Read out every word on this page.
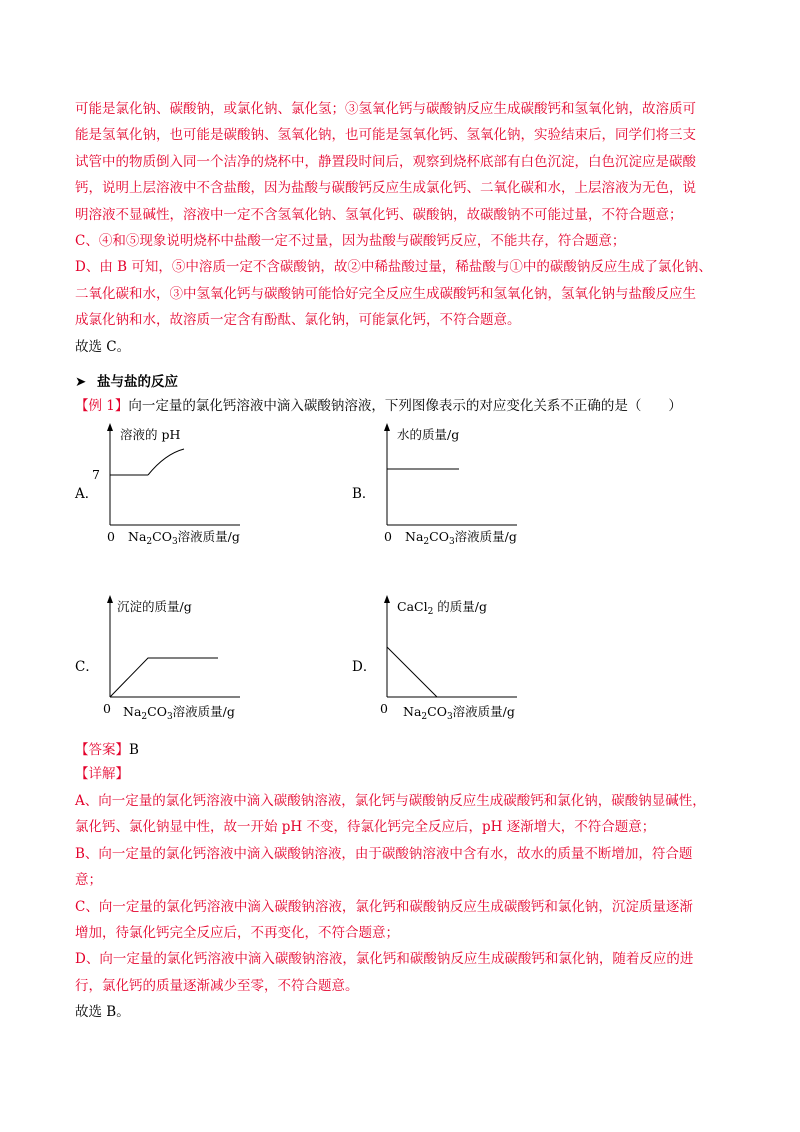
可能是氯化钠、碳酸钠，或氯化钠、氯化氢；③氢氧化钙与碳酸钠反应生成碳酸钙和氢氧化钠，故溶质可
能是氢氧化钠，也可能是碳酸钠、氢氧化钠，也可能是氢氧化钙、氢氧化钠，实验结束后，同学们将三支
试管中的物质倒入同一个洁净的烧杯中，静置段时间后，观察到烧杯底部有白色沉淀，白色沉淀应是碳酸
钙，说明上层溶液中不含盐酸，因为盐酸与碳酸钙反应生成氯化钙、二氧化碳和水，上层溶液为无色，说
明溶液不显碱性，溶液中一定不含氢氧化钠、氢氧化钙、碳酸钠，故碳酸钠不可能过量，不符合题意；
C、④和⑤现象说明烧杯中盐酸一定不过量，因为盐酸与碳酸钙反应，不能共存，符合题意；
D、由 B 可知，⑤中溶质一定不含碳酸钠，故②中稀盐酸过量，稀盐酸与①中的碳酸钠反应生成了氯化钠、
二氧化碳和水，③中氢氧化钙与碳酸钠可能恰好完全反应生成碳酸钙和氢氧化钠，氢氧化钠与盐酸反应生
成氯化钠和水，故溶质一定含有酚酞、氯化钠，可能氯化钙，不符合题意。
故选 C。
➤ 盐与盐的反应
【例 1】向一定量的氯化钙溶液中滴入碳酸钠溶液，下列图像表示的对应变化关系不正确的是（　　）
A．
溶液的 pH
7
0 $Na_2CO_3$溶液质量/g
B．
水的质量/g
0 $Na_2CO_3$溶液质量/g
C．
沉淀的质量/g
0 $Na_2CO_3$溶液质量/g
D．
CaCl$_2$ 的质量/g
0 $Na_2CO_3$溶液质量/g
【答案】B
【详解】
A、向一定量的氯化钙溶液中滴入碳酸钠溶液，氯化钙与碳酸钠反应生成碳酸钙和氯化钠，碳酸钠显碱性，
氯化钙、氯化钠显中性，故一开始 pH 不变，待氯化钙完全反应后，pH 逐渐增大，不符合题意；
B、向一定量的氯化钙溶液中滴入碳酸钠溶液，由于碳酸钠溶液中含有水，故水的质量不断增加，符合题
意；
C、向一定量的氯化钙溶液中滴入碳酸钠溶液，氯化钙和碳酸钠反应生成碳酸钙和氯化钠，沉淀质量逐渐
增加，待氯化钙完全反应后，不再变化，不符合题意；
D、向一定量的氯化钙溶液中滴入碳酸钠溶液，氯化钙和碳酸钠反应生成碳酸钙和氯化钠，随着反应的进
行，氯化钙的质量逐渐减少至零，不符合题意。
故选 B。
